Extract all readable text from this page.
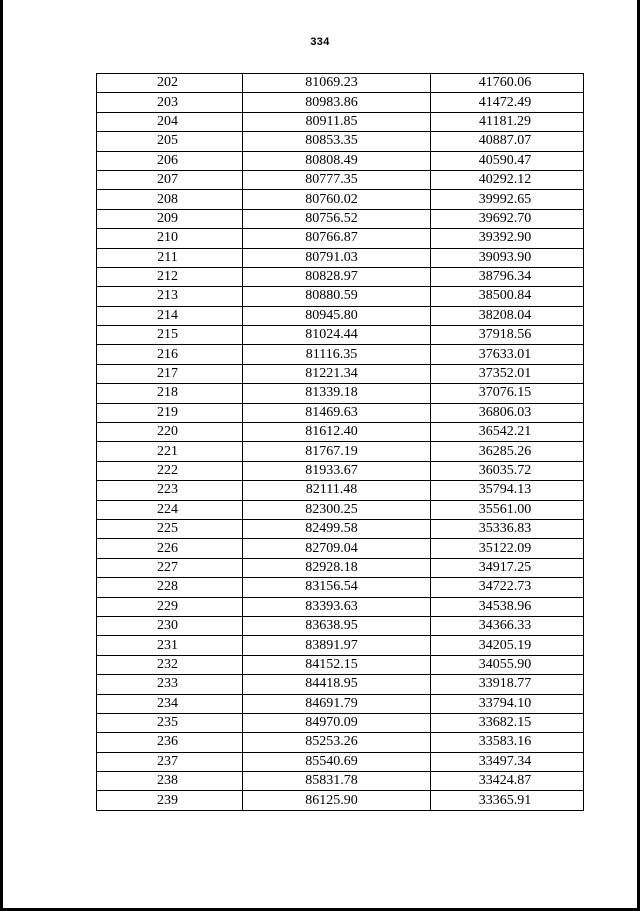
334
202	81069.23	41760.06
203	80983.86	41472.49
204	80911.85	41181.29
205	80853.35	40887.07
206	80808.49	40590.47
207	80777.35	40292.12
208	80760.02	39992.65
209	80756.52	39692.70
210	80766.87	39392.90
211	80791.03	39093.90
212	80828.97	38796.34
213	80880.59	38500.84
214	80945.80	38208.04
215	81024.44	37918.56
216	81116.35	37633.01
217	81221.34	37352.01
218	81339.18	37076.15
219	81469.63	36806.03
220	81612.40	36542.21
221	81767.19	36285.26
222	81933.67	36035.72
223	82111.48	35794.13
224	82300.25	35561.00
225	82499.58	35336.83
226	82709.04	35122.09
227	82928.18	34917.25
228	83156.54	34722.73
229	83393.63	34538.96
230	83638.95	34366.33
231	83891.97	34205.19
232	84152.15	34055.90
233	84418.95	33918.77
234	84691.79	33794.10
235	84970.09	33682.15
236	85253.26	33583.16
237	85540.69	33497.34
238	85831.78	33424.87
239	86125.90	33365.91
